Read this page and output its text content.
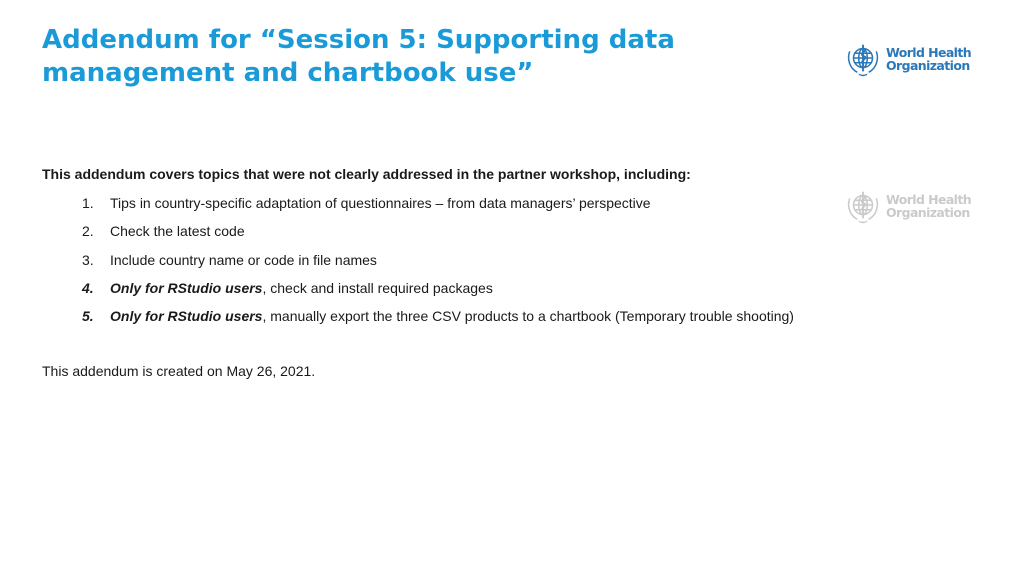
Addendum for “Session 5: Supporting data
management and chartbook use”
World Health
Organization
World Health
Organization

This addendum covers topics that were not clearly addressed in the partner workshop, including:

1.	Tips in country-specific adaptation of questionnaires – from data managers’ perspective
2.	Check the latest code
3.	Include country name or code in file names
4.	Only for RStudio users, check and install required packages
5.	Only for RStudio users, manually export the three CSV products to a chartbook (Temporary trouble shooting)

This addendum is created on May 26, 2021.
